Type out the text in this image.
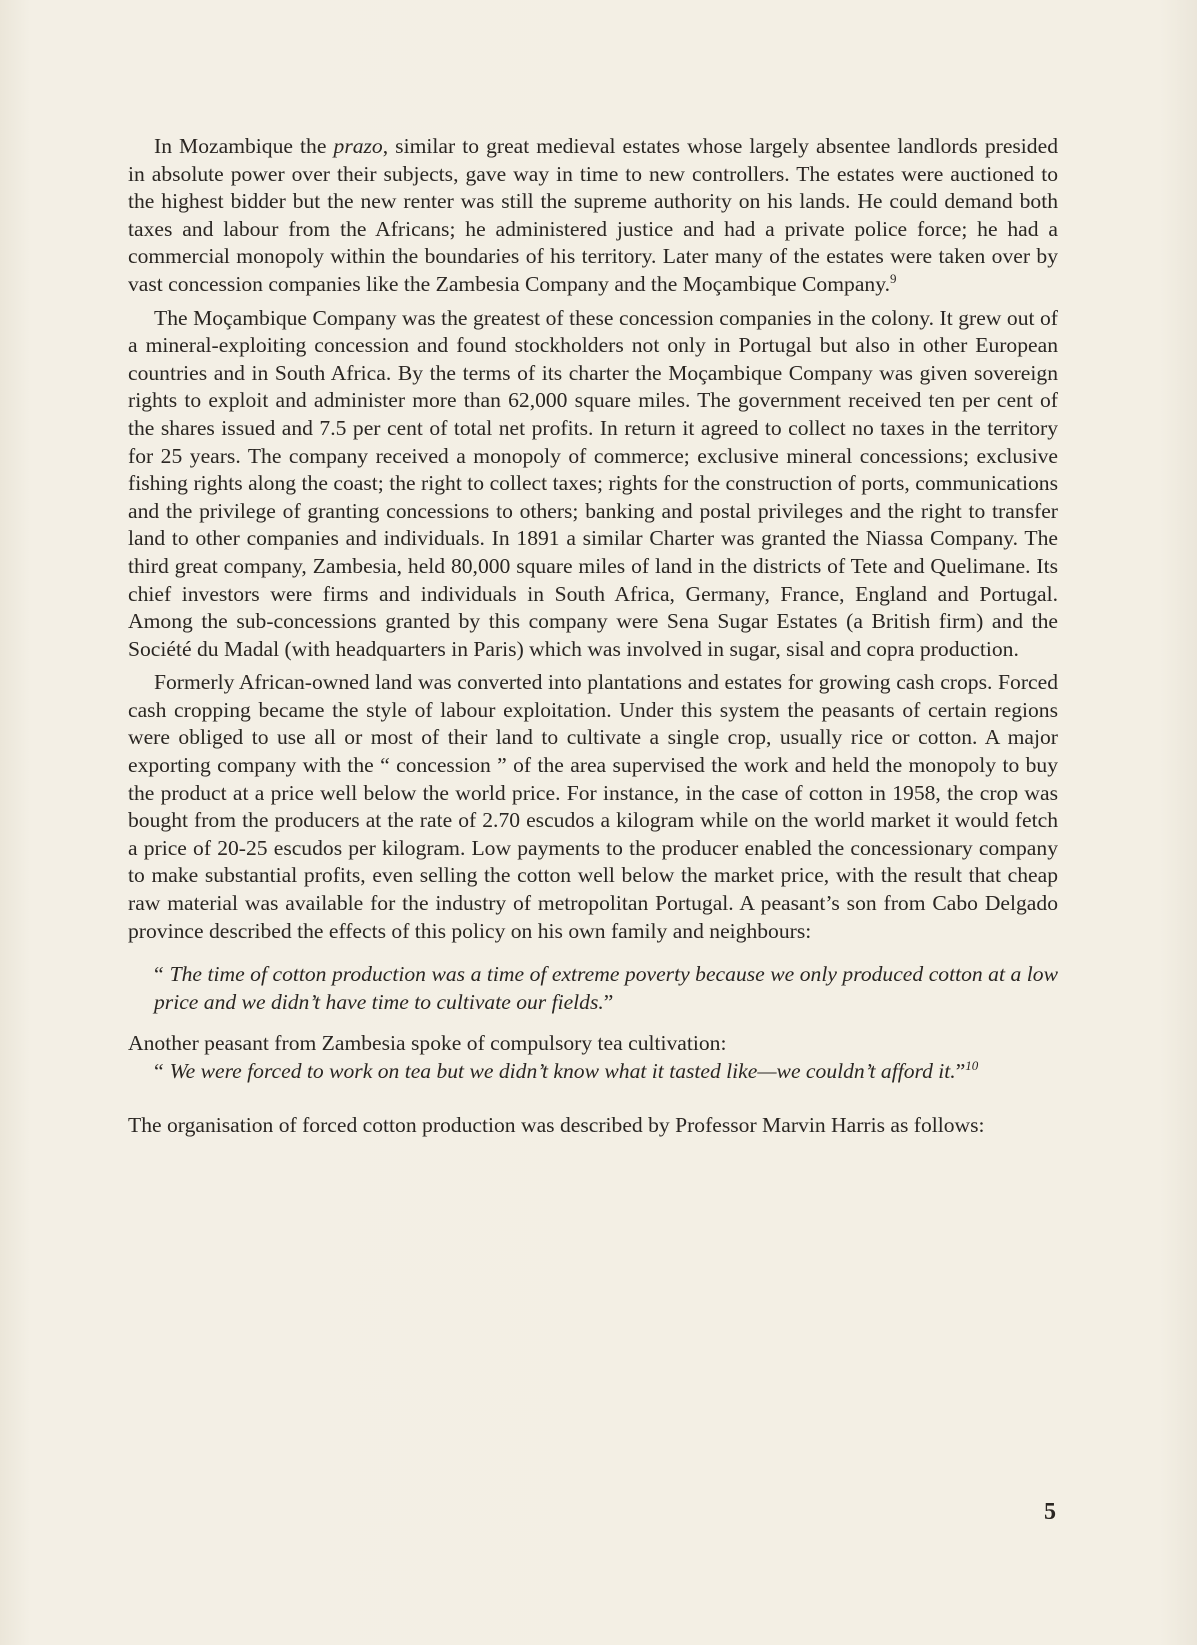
In Mozambique the prazo, similar to great medieval estates whose largely absentee landlords presided in absolute power over their subjects, gave way in time to new controllers. The estates were auctioned to the highest bidder but the new renter was still the supreme authority on his lands. He could demand both taxes and labour from the Africans; he administered justice and had a private police force; he had a commercial monopoly within the boundaries of his territory. Later many of the estates were taken over by vast concession companies like the Zambesia Company and the Moçambique Company.$^9$

The Moçambique Company was the greatest of these concession companies in the colony. It grew out of a mineral-exploiting concession and found stockholders not only in Portugal but also in other European countries and in South Africa. By the terms of its charter the Moçambique Company was given sovereign rights to exploit and administer more than 62,000 square miles. The government received ten per cent of the shares issued and 7.5 per cent of total net profits. In return it agreed to collect no taxes in the territory for 25 years. The company received a monopoly of commerce; exclusive mineral concessions; exclusive fishing rights along the coast; the right to collect taxes; rights for the construction of ports, communications and the privilege of granting concessions to others; banking and postal privileges and the right to transfer land to other companies and individuals. In 1891 a similar Charter was granted the Niassa Company. The third great company, Zambesia, held 80,000 square miles of land in the districts of Tete and Quelimane. Its chief investors were firms and individuals in South Africa, Germany, France, England and Portugal. Among the sub-concessions granted by this company were Sena Sugar Estates (a British firm) and the Société du Madal (with headquarters in Paris) which was involved in sugar, sisal and copra production.

Formerly African-owned land was converted into plantations and estates for growing cash crops. Forced cash cropping became the style of labour exploitation. Under this system the peasants of certain regions were obliged to use all or most of their land to cultivate a single crop, usually rice or cotton. A major exporting company with the “ concession ” of the area supervised the work and held the monopoly to buy the product at a price well below the world price. For instance, in the case of cotton in 1958, the crop was bought from the producers at the rate of 2.70 escudos a kilogram while on the world market it would fetch a price of 20-25 escudos per kilogram. Low payments to the producer enabled the concessionary company to make substantial profits, even selling the cotton well below the market price, with the result that cheap raw material was available for the industry of metropolitan Portugal. A peasant’s son from Cabo Delgado province described the effects of this policy on his own family and neighbours:

“ The time of cotton production was a time of extreme poverty because we only produced cotton at a low price and we didn’t have time to cultivate our fields.”

Another peasant from Zambesia spoke of compulsory tea cultivation:

“ We were forced to work on tea but we didn’t know what it tasted like—we couldn’t afford it.”$^{10}$

The organisation of forced cotton production was described by Professor Marvin Harris as follows:

5
